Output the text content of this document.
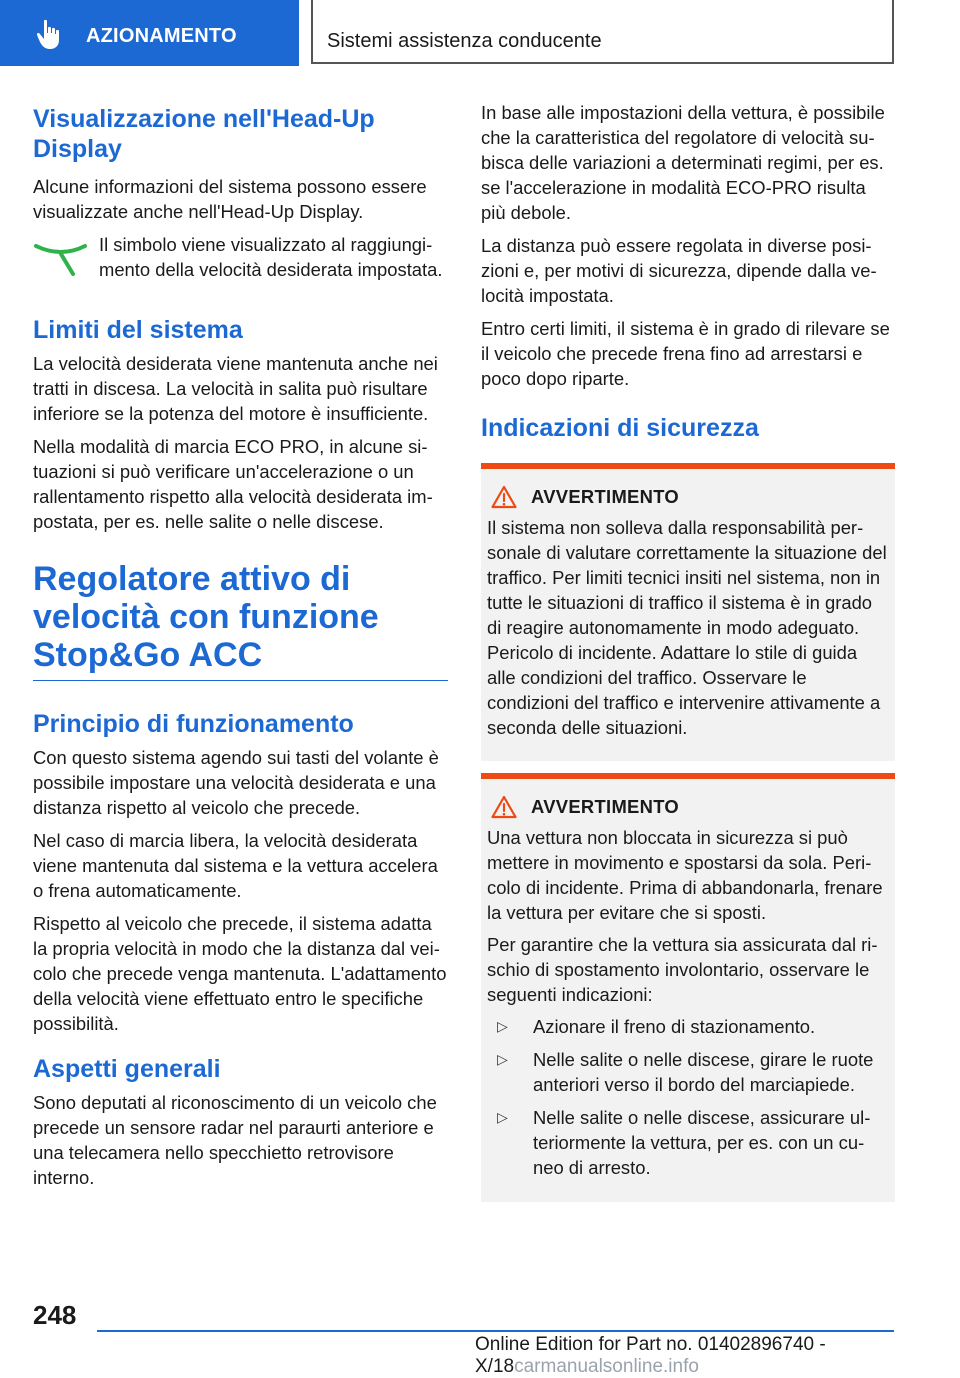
AZIONAMENTO	Sistemi assistenza conducente
Visualizzazione nell'Head-Up Display

Alcune informazioni del sistema possono essere visualizzate anche nell'Head-Up Display.

Il simbolo viene visualizzato al raggiungimento della velocità desiderata impostata.

Limiti del sistema

La velocità desiderata viene mantenuta anche nei tratti in discesa. La velocità in salita può risultare inferiore se la potenza del motore è insufficiente.

Nella modalità di marcia ECO PRO, in alcune situazioni si può verificare un'accelerazione o un rallentamento rispetto alla velocità desiderata impostata, per es. nelle salite o nelle discese.

Regolatore attivo di velocità con funzione Stop&Go ACC
Principio di funzionamento

Con questo sistema agendo sui tasti del volante è possibile impostare una velocità desiderata e una distanza rispetto al veicolo che precede.

Nel caso di marcia libera, la velocità desiderata viene mantenuta dal sistema e la vettura accelera o frena automaticamente.

Rispetto al veicolo che precede, il sistema adatta la propria velocità in modo che la distanza dal veicolo che precede venga mantenuta. L'adattamento della velocità viene effettuato entro le specifiche possibilità.

Aspetti generali

Sono deputati al riconoscimento di un veicolo che precede un sensore radar nel paraurti anteriore e una telecamera nello specchietto retrovisore interno.

In base alle impostazioni della vettura, è possibile che la caratteristica del regolatore di velocità subisca delle variazioni a determinati regimi, per es. se l'accelerazione in modalità ECO-PRO risulta più debole.

La distanza può essere regolata in diverse posizioni e, per motivi di sicurezza, dipende dalla velocità impostata.

Entro certi limiti, il sistema è in grado di rilevare se il veicolo che precede frena fino ad arrestarsi e poco dopo riparte.

Indicazioni di sicurezza
AVVERTIMENTO

Il sistema non solleva dalla responsabilità personale di valutare correttamente la situazione del traffico. Per limiti tecnici insiti nel sistema, non in tutte le situazioni di traffico il sistema è in grado di reagire autonomamente in modo adeguato. Pericolo di incidente. Adattare lo stile di guida alle condizioni del traffico. Osservare le condizioni del traffico e intervenire attivamente a seconda delle situazioni.

AVVERTIMENTO

Una vettura non bloccata in sicurezza si può mettere in movimento e spostarsi da sola. Pericolo di incidente. Prima di abbandonarla, frenare la vettura per evitare che si sposti.

Per garantire che la vettura sia assicurata dal rischio di spostamento involontario, osservare le seguenti indicazioni:

▷	Azionare il freno di stazionamento.
▷	Nelle salite o nelle discese, girare le ruote anteriori verso il bordo del marciapiede.
▷	Nelle salite o nelle discese, assicurare ulteriormente la vettura, per es. con un cuneo di arresto.
248
Online Edition for Part no. 01402896740 - X/18carmanualsonline.info
